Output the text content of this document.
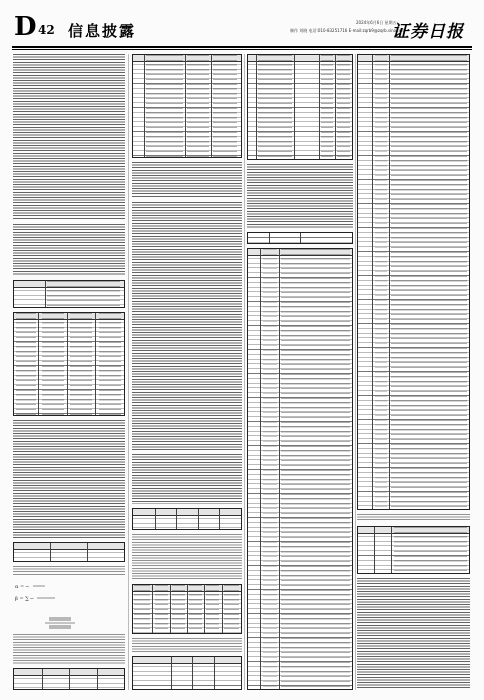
D 42 信息披露	2024年6月6日 星期五
制作 刘晓 电话:010-83251716 E-mail:zqrb9@zqrb.sina.net
证券日报
α = ─
β = ∑ ─
